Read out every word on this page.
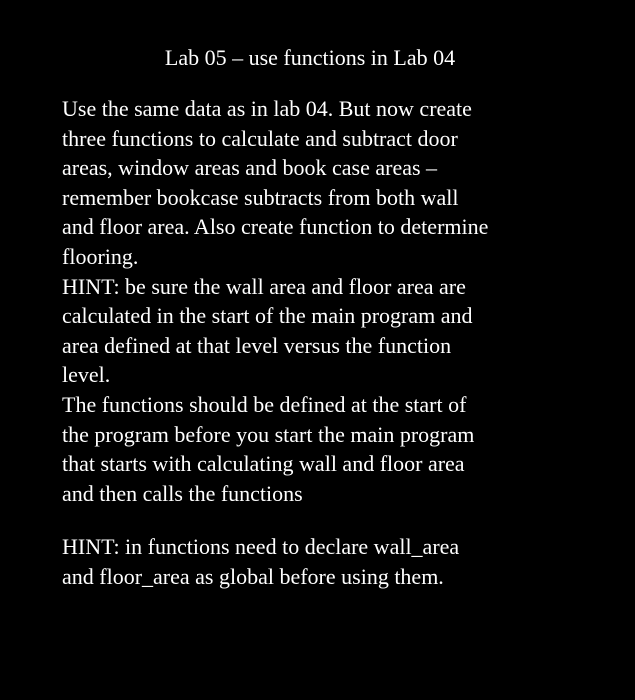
Lab 05 – use functions in Lab 04
Use the same data as in lab 04. But now create
three functions to calculate and subtract door
areas, window areas and book case areas –
remember bookcase subtracts from both wall
and floor area. Also create function to determine
flooring.
HINT: be sure the wall area and floor area are
calculated in the start of the main program and
area defined at that level versus the function
level.
The functions should be defined at the start of
the program before you start the main program
that starts with calculating wall and floor area
and then calls the functions
HINT: in functions need to declare wall_area
and floor_area as global before using them.
